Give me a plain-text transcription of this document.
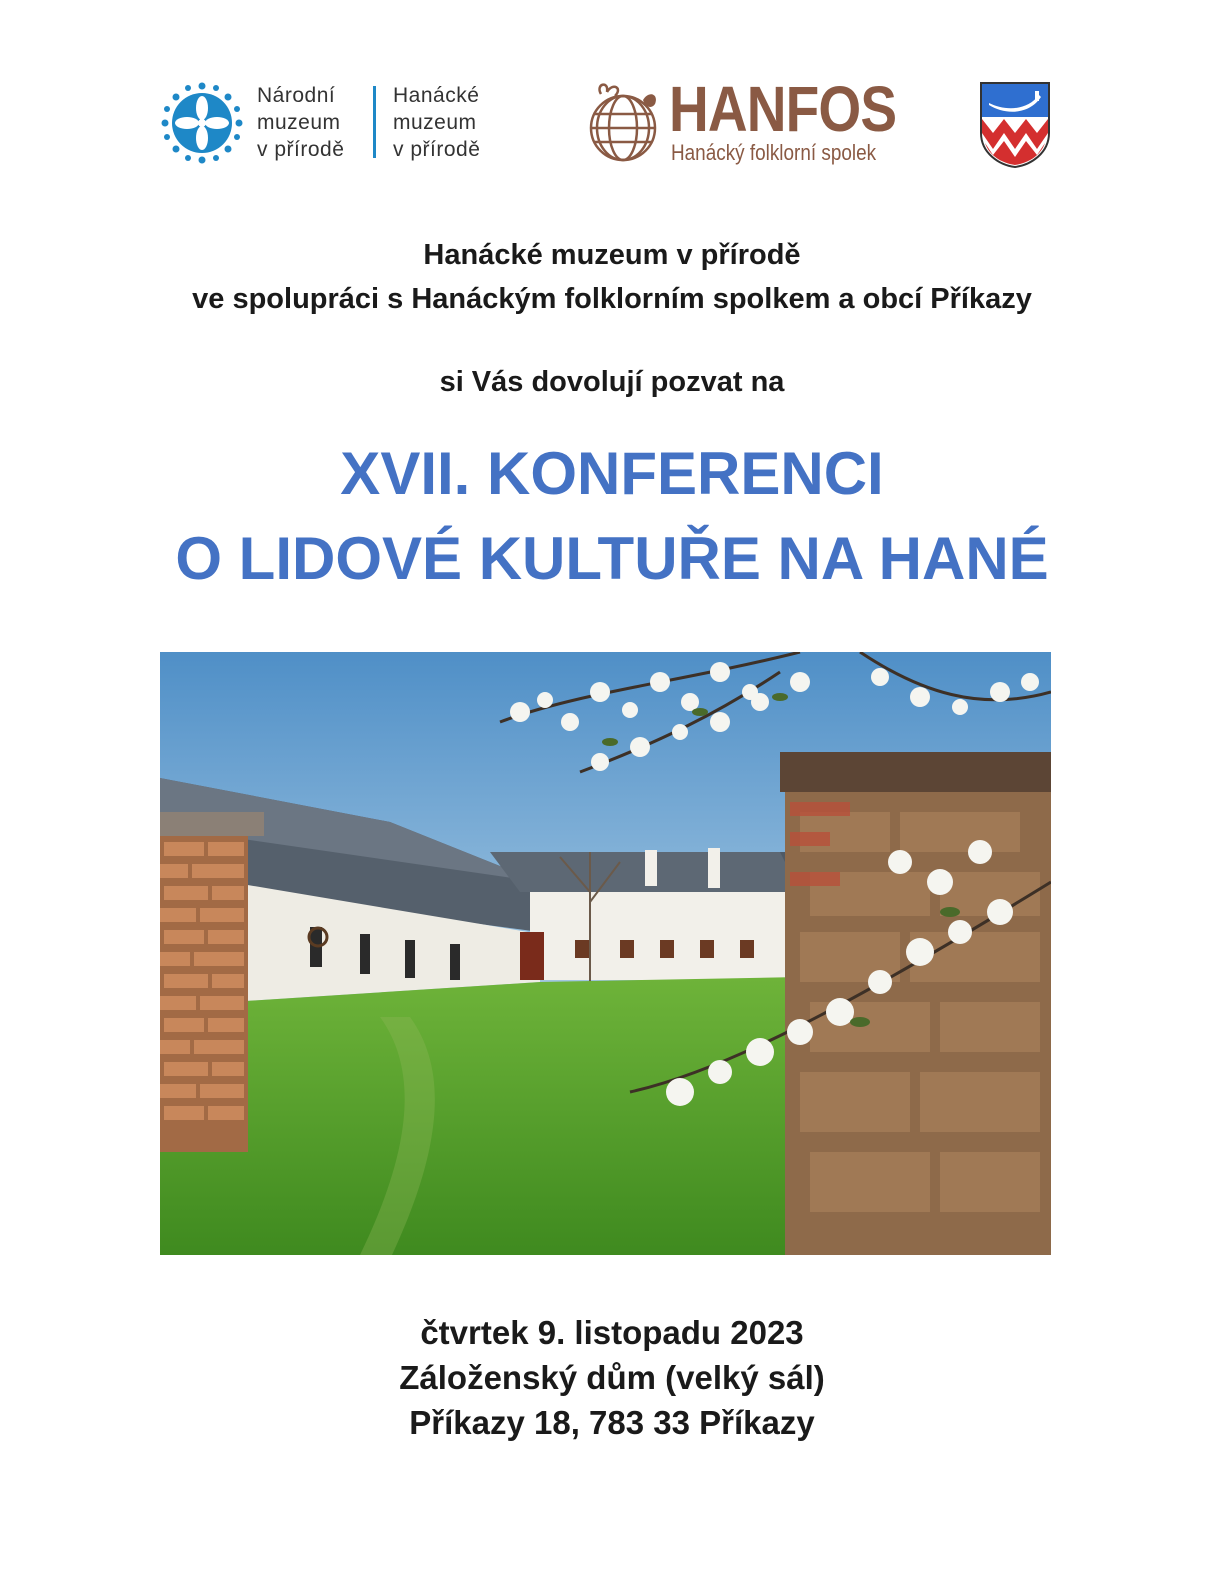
Národní
muzeum
v přírodě
Hanácké
muzeum
v přírodě
HANFOS
Hanácký folklorní spolek
Hanácké muzeum v přírodě
ve spolupráci s Hanáckým folklorním spolkem a obcí Příkazy
si Vás dovolují pozvat na
XVII. KONFERENCI
O LIDOVÉ KULTUŘE NA HANÉ
čtvrtek 9. listopadu 2023
Záloženský dům (velký sál)
Příkazy 18, 783 33 Příkazy
